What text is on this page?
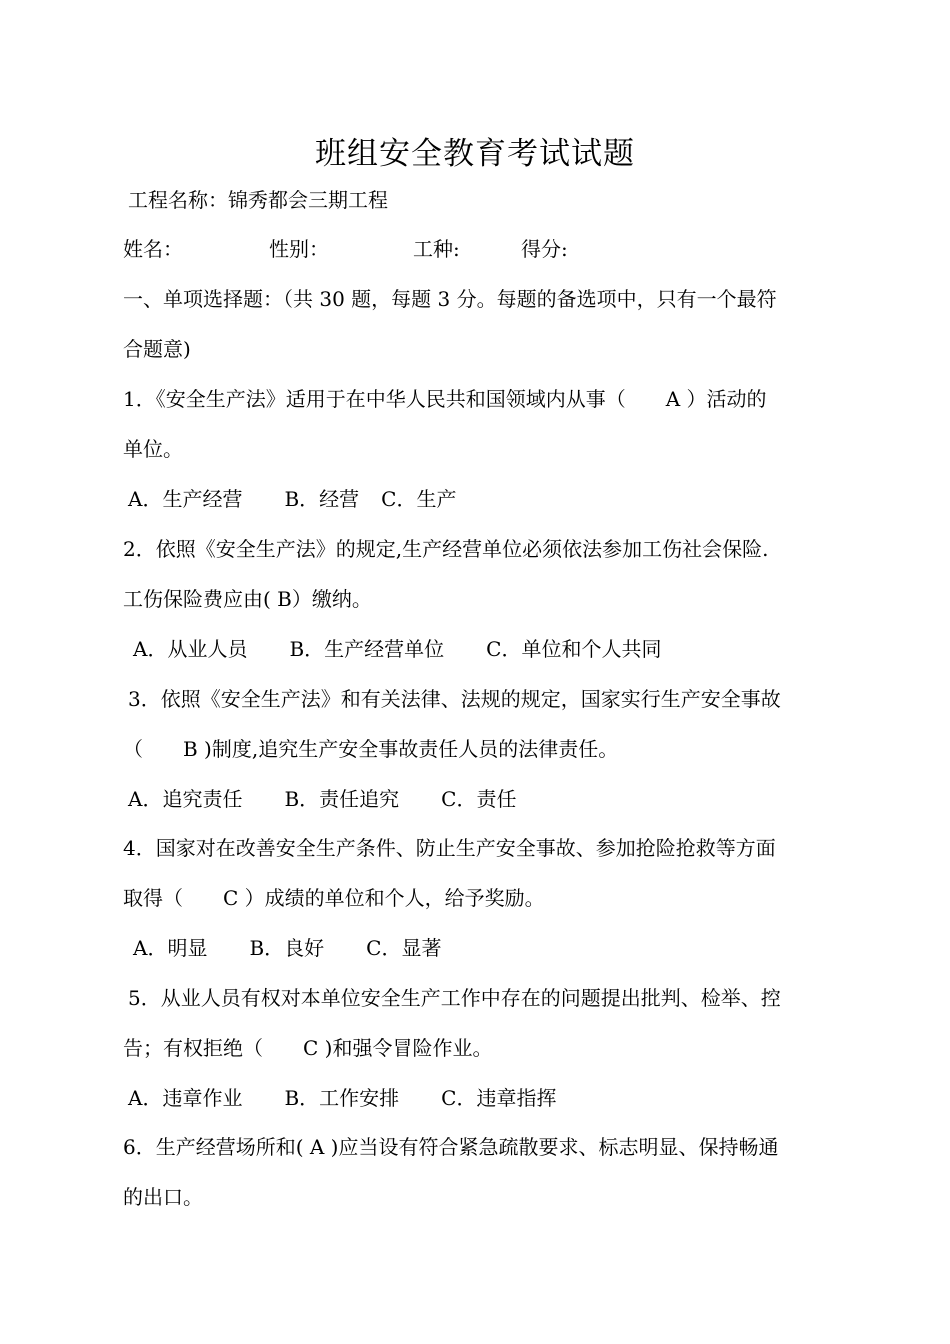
班组安全教育考试试题
工程名称：锦秀都会三期工程
姓名：	性别：	工种:	得分:
一、单项选择题：（共 30 题，每题 3 分。每题的备选项中，只有一个最符
合题意)
1．《安全生产法》适用于在中华人民共和国领域内从事（　　A ）活动的
单位。
A．生产经营 B．经营 C．生产
2．依照《安全生产法》的规定,生产经营单位必须依法参加工伤社会保险.
工伤保险费应由( B）缴纳。
A．从业人员 B．生产经营单位 C．单位和个人共同
3．依照《安全生产法》和有关法律、法规的规定，国家实行生产安全事故
（　　B )制度,追究生产安全事故责任人员的法律责任。
A．追究责任 B．责任追究 C．责任
4．国家对在改善安全生产条件、防止生产安全事故、参加抢险抢救等方面
取得（　　C ）成绩的单位和个人，给予奖励。
A．明显 B．良好 C．显著
5．从业人员有权对本单位安全生产工作中存在的问题提出批判、检举、控
告；有权拒绝（　　C )和强令冒险作业。
A．违章作业 B．工作安排 C．违章指挥
6．生产经营场所和( A )应当设有符合紧急疏散要求、标志明显、保持畅通
的出口。
